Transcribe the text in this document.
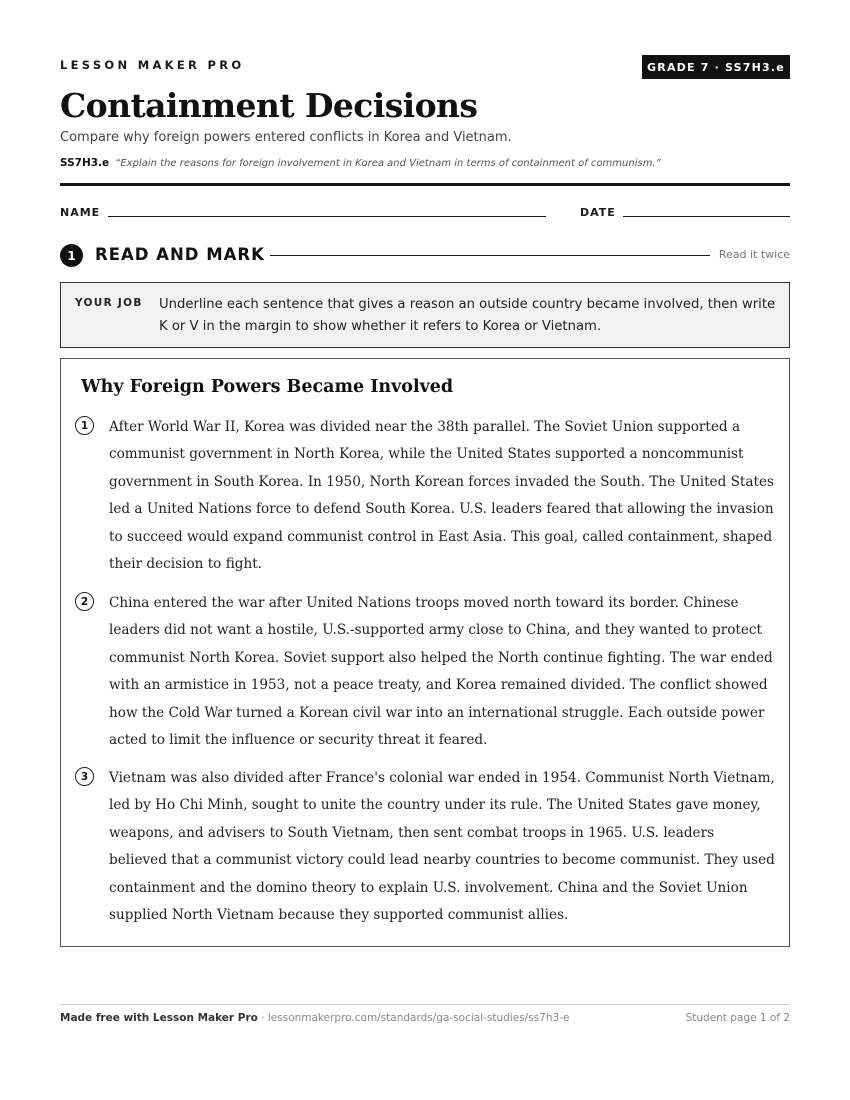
LESSON MAKER PRO	GRADE 7 · SS7H3.e
Containment Decisions
Compare why foreign powers entered conflicts in Korea and Vietnam.
SS7H3.e “Explain the reasons for foreign involvement in Korea and Vietnam in terms of containment of communism.”
NAME	DATE
1	READ AND MARK	Read it twice
YOUR JOB Underline each sentence that gives a reason an outside country became involved, then write K or V in the margin to show whether it refers to Korea or Vietnam.
Why Foreign Powers Became Involved
1	After World War II, Korea was divided near the 38th parallel. The Soviet Union supported a communist government in North Korea, while the United States supported a noncommunist government in South Korea. In 1950, North Korean forces invaded the South. The United States led a United Nations force to defend South Korea. U.S. leaders feared that allowing the invasion to succeed would expand communist control in East Asia. This goal, called containment, shaped their decision to fight.
2	China entered the war after United Nations troops moved north toward its border. Chinese leaders did not want a hostile, U.S.-supported army close to China, and they wanted to protect communist North Korea. Soviet support also helped the North continue fighting. The war ended with an armistice in 1953, not a peace treaty, and Korea remained divided. The conflict showed how the Cold War turned a Korean civil war into an international struggle. Each outside power acted to limit the influence or security threat it feared.
3	Vietnam was also divided after France's colonial war ended in 1954. Communist North Vietnam, led by Ho Chi Minh, sought to unite the country under its rule. The United States gave money, weapons, and advisers to South Vietnam, then sent combat troops in 1965. U.S. leaders believed that a communist victory could lead nearby countries to become communist. They used containment and the domino theory to explain U.S. involvement. China and the Soviet Union supplied North Vietnam because they supported communist allies.
Made free with Lesson Maker Pro · lessonmakerpro.com/standards/ga-social-studies/ss7h3-e	Student page 1 of 2
